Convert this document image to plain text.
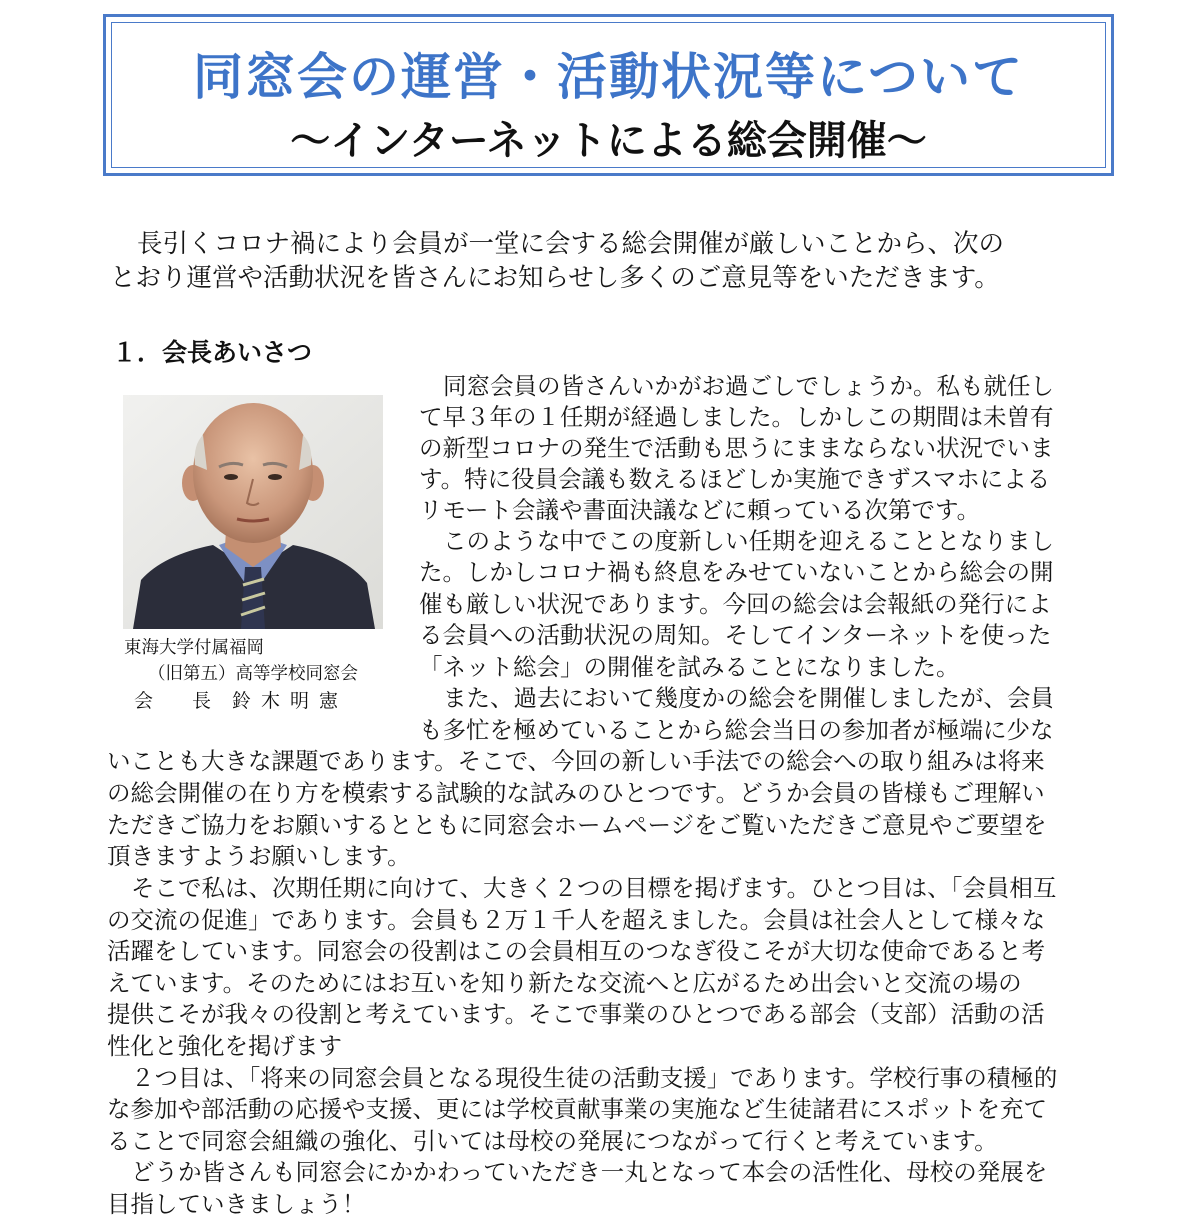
同窓会の運営・活動状況等について
～インターネットによる総会開催～
長引くコロナ禍により会員が一堂に会する総会開催が厳しいことから、次の
とおり運営や活動状況を皆さんにお知らせし多くのご意見等をいただきます。
１．会長あいさつ
東海大学付属福岡
（旧第五）高等学校同窓会
会　長 鈴木明憲
同窓会員の皆さんいかがお過ごしでしょうか。私も就任し
て早３年の１任期が経過しました。しかしこの期間は未曽有
の新型コロナの発生で活動も思うにままならない状況でいま
す。特に役員会議も数えるほどしか実施できずスマホによる
リモート会議や書面決議などに頼っている次第です。
このような中でこの度新しい任期を迎えることとなりまし
た。しかしコロナ禍も終息をみせていないことから総会の開
催も厳しい状況であります。今回の総会は会報紙の発行によ
る会員への活動状況の周知。そしてインターネットを使った
「ネット総会」の開催を試みることになりました。
また、過去において幾度かの総会を開催しましたが、会員
も多忙を極めていることから総会当日の参加者が極端に少な
いことも大きな課題であります。そこで、今回の新しい手法での総会への取り組みは将来
の総会開催の在り方を模索する試験的な試みのひとつです。どうか会員の皆様もご理解い
ただきご協力をお願いするとともに同窓会ホームページをご覧いただきご意見やご要望を
頂きますようお願いします。
そこで私は、次期任期に向けて、大きく２つの目標を掲げます。ひとつ目は、「会員相互
の交流の促進」であります。会員も２万１千人を超えました。会員は社会人として様々な
活躍をしています。同窓会の役割はこの会員相互のつなぎ役こそが大切な使命であると考
えています。そのためにはお互いを知り新たな交流へと広がるため出会いと交流の場の
提供こそが我々の役割と考えています。そこで事業のひとつである部会（支部）活動の活
性化と強化を掲げます
２つ目は、「将来の同窓会員となる現役生徒の活動支援」であります。学校行事の積極的
な参加や部活動の応援や支援、更には学校貢献事業の実施など生徒諸君にスポットを充て
ることで同窓会組織の強化、引いては母校の発展につながって行くと考えています。
どうか皆さんも同窓会にかかわっていただき一丸となって本会の活性化、母校の発展を
目指していきましょう！
